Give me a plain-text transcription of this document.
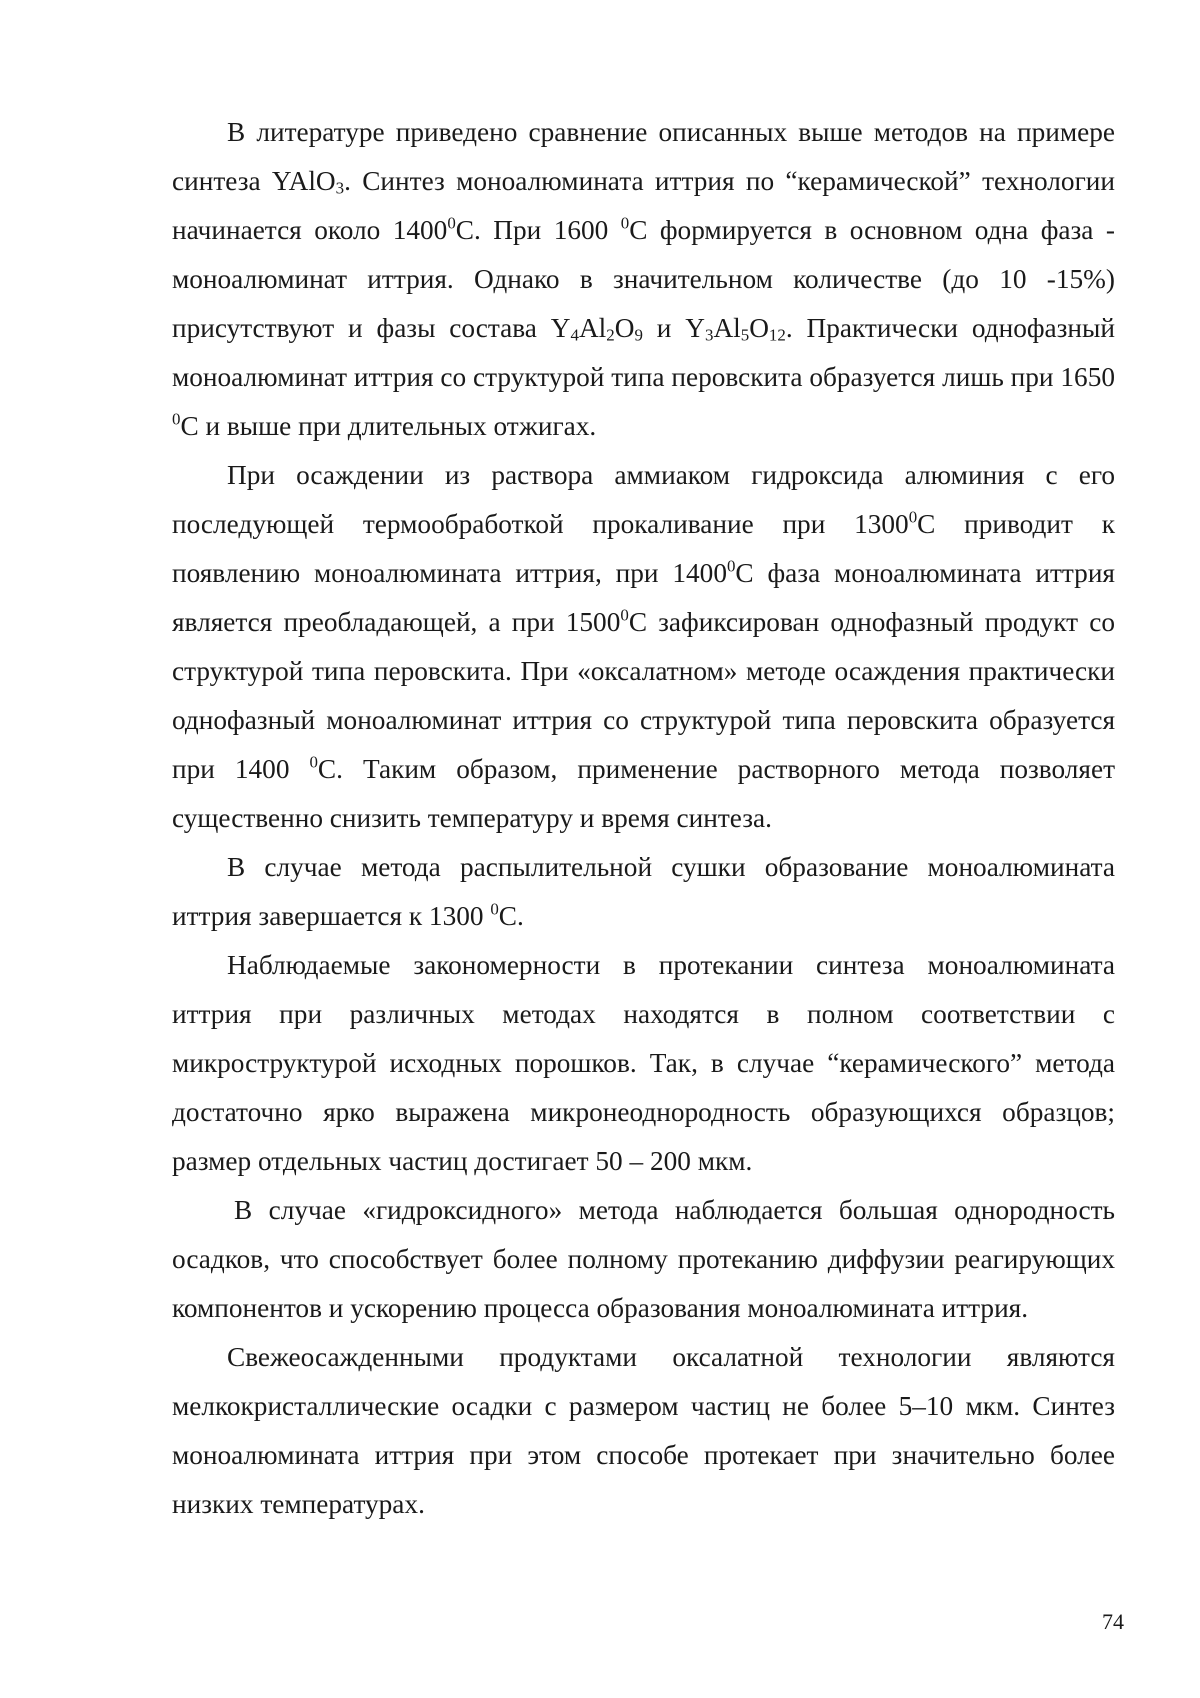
В литературе приведено сравнение описанных выше методов на примере синтеза YAlO$_3$. Синтез моноалюмината иттрия по “керамической” технологии начинается около 1400$^0$С. При 1600 $^0$С формируется в основном одна фаза - моноалюминат иттрия. Однако в значительном количестве (до 10 -15%) присутствуют и фазы состава $Y_4Al_2O_9$ и $Y_3Al_5O_{12}$. Практически однофазный моноалюминат иттрия со структурой типа перовскита образуется лишь при 1650 $^0$С и выше при длительных отжигах.

При осаждении из раствора аммиаком гидроксида алюминия с его последующей термообработкой прокаливание при 1300$^0$С приводит к появлению моноалюмината иттрия, при 1400$^0$С фаза моноалюмината иттрия является преобладающей, а при 1500$^0$С зафиксирован однофазный продукт со структурой типа перовскита. При «оксалатном» методе осаждения практически однофазный моноалюминат иттрия со структурой типа перовскита образуется при 1400 $^0$С. Таким образом, применение растворного метода позволяет существенно снизить температуру и время синтеза.

В случае метода распылительной сушки образование моноалюмината иттрия завершается к 1300 $^0$С.

Наблюдаемые закономерности в протекании синтеза моноалюмината иттрия при различных методах находятся в полном соответствии с микроструктурой исходных порошков. Так, в случае “керамического” метода достаточно ярко выражена микронеоднородность образующихся образцов; размер отдельных частиц достигает 50 – 200 мкм.

В случае «гидроксидного» метода наблюдается большая однородность осадков, что способствует более полному протеканию диффузии реагирующих компонентов и ускорению процесса образования моноалюмината иттрия.

Свежеосажденными продуктами оксалатной технологии являются мелкокристаллические осадки с размером частиц не более 5–10 мкм. Синтез моноалюмината иттрия при этом способе протекает при значительно более низких температурах.

74
